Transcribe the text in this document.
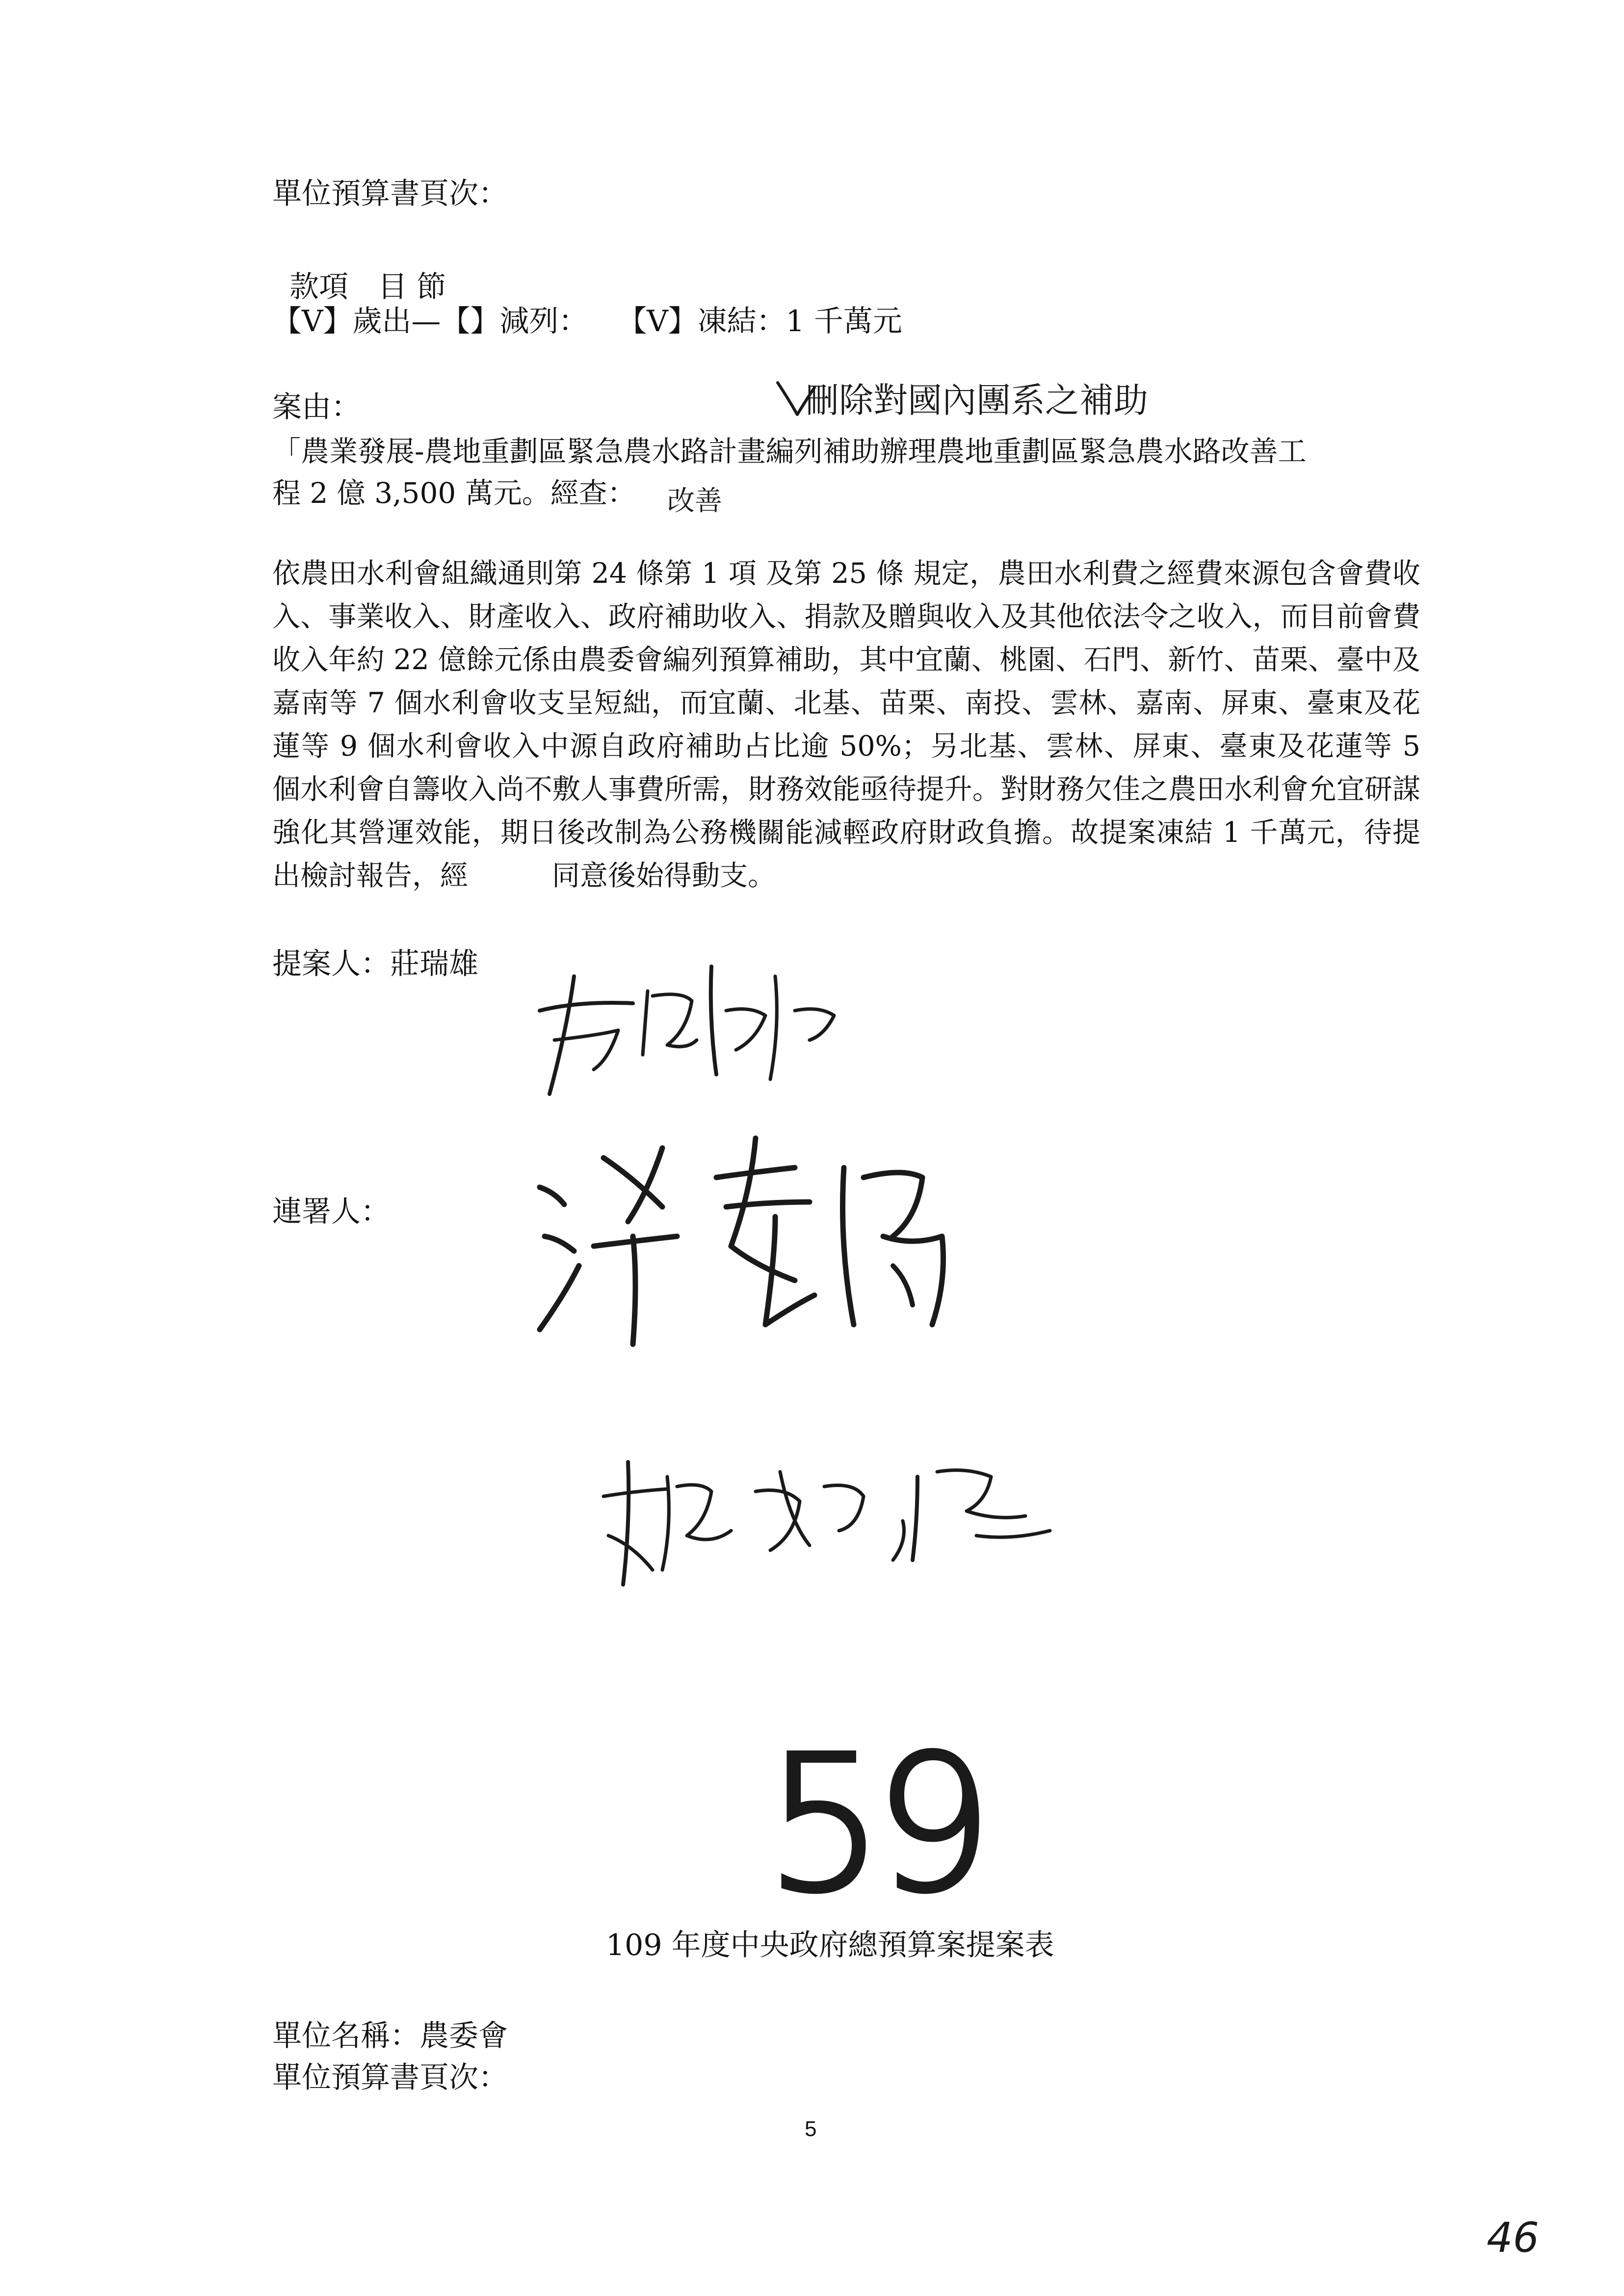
單位預算書頁次：
款項　目 節
【V】歲出—【】減列：　　【V】凍結：1 千萬元
案由：	刪除對國內團系之補助
「農業發展-農地重劃區緊急農水路計畫編列補助辦理農地重劃區緊急農水路改善工
程 2 億 3,500 萬元。經查： 改善
依農田水利會組織通則第 24 條第 1 項 及第 25 條 規定，農田水利費之經費來源包含會費收入、事業收入、財產收入、政府補助收入、捐款及贈與收入及其他依法令之收入，而目前會費收入年約 22 億餘元係由農委會編列預算補助，其中宜蘭、桃園、石門、新竹、苗栗、臺中及嘉南等 7 個水利會收支呈短絀，而宜蘭、北基、苗栗、南投、雲林、嘉南、屏東、臺東及花蓮等 9 個水利會收入中源自政府補助占比逾 50%；另北基、雲林、屏東、臺東及花蓮等 5 個水利會自籌收入尚不敷人事費所需，財務效能亟待提升。對財務欠佳之農田水利會允宜研謀強化其營運效能，期日後改制為公務機關能減輕政府財政負擔。故提案凍結 1 千萬元，待提出檢討報告，經　　　同意後始得動支。
提案人：莊瑞雄
連署人：
59
109 年度中央政府總預算案提案表
單位名稱：農委會
單位預算書頁次：
5
46
